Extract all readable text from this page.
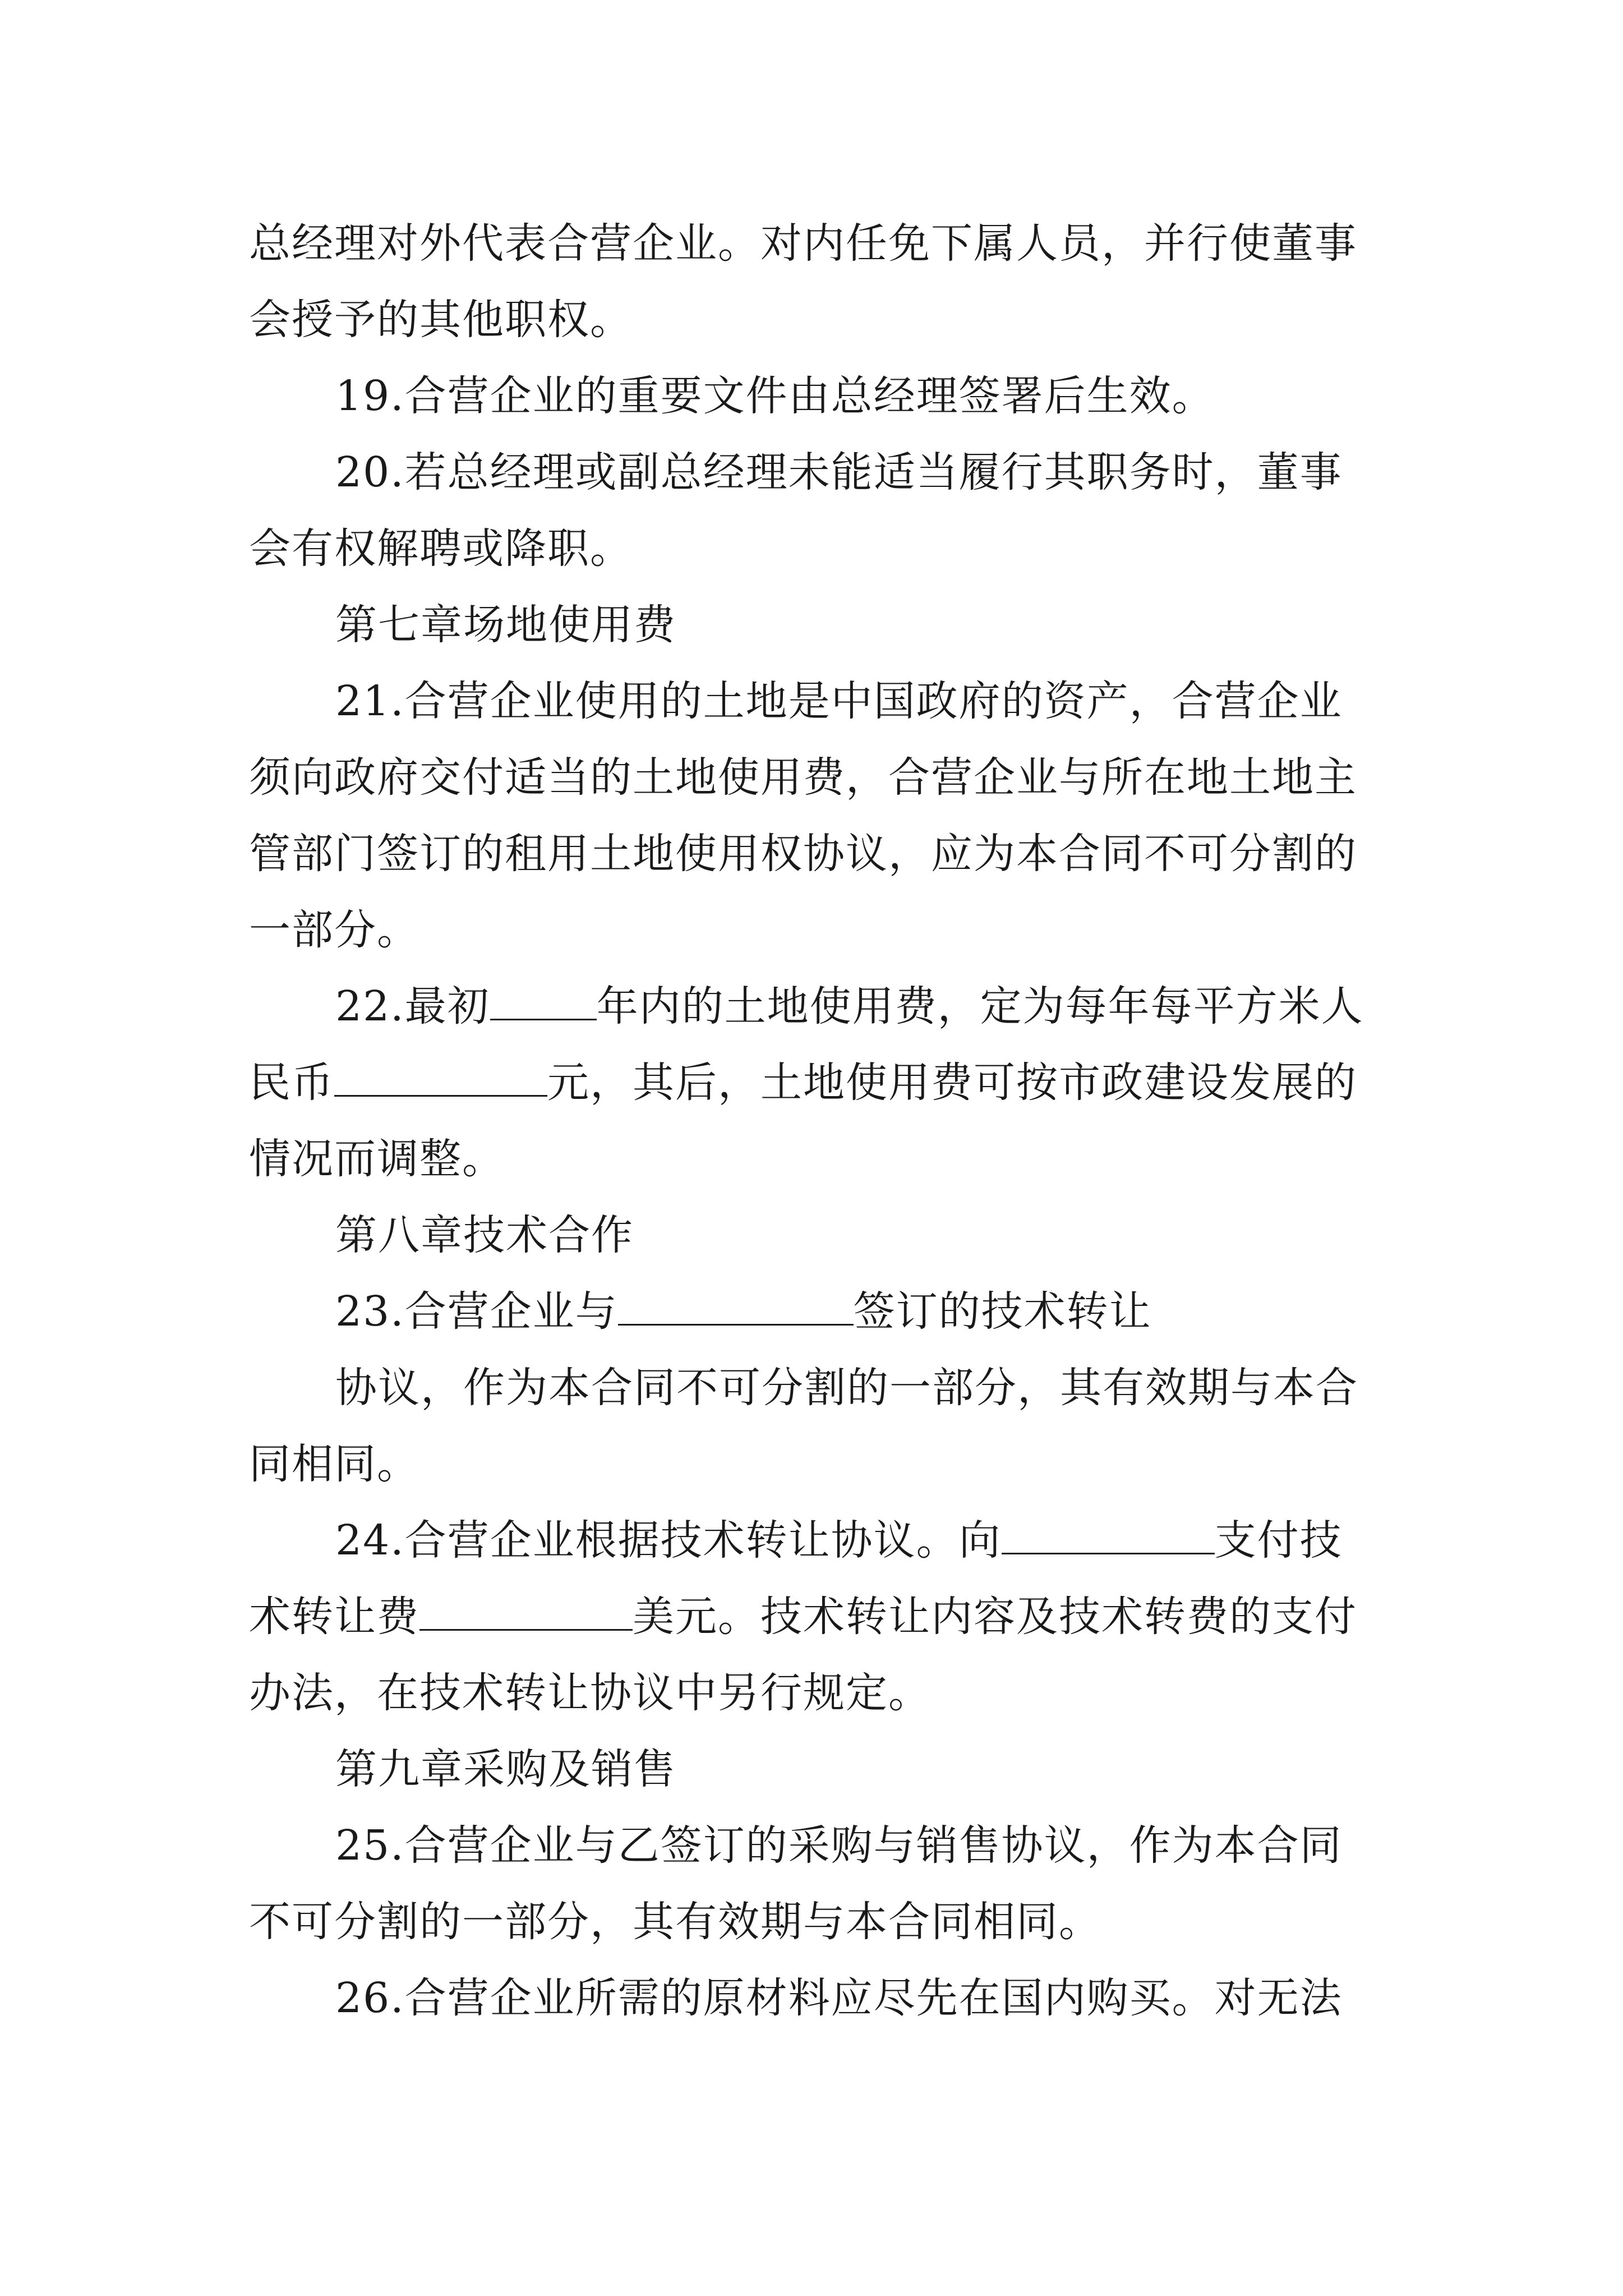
总经理对外代表合营企业。对内任免下属人员，并行使董事
会授予的其他职权。
19.合营企业的重要文件由总经理签署后生效。
20.若总经理或副总经理未能适当履行其职务时，董事
会有权解聘或降职。
第七章场地使用费
21.合营企业使用的土地是中国政府的资产，合营企业
须向政府交付适当的土地使用费，合营企业与所在地土地主
管部门签订的租用土地使用权协议，应为本合同不可分割的
一部分。
22.最初	年内的土地使用费，定为每年每平方米人
民币	元，其后，土地使用费可按市政建设发展的
情况而调整。
第八章技术合作
23.合营企业与	签订的技术转让
协议，作为本合同不可分割的一部分，其有效期与本合
同相同。
24.合营企业根据技术转让协议。向	支付技
术转让费	美元。技术转让内容及技术转费的支付
办法，在技术转让协议中另行规定。
第九章采购及销售
25.合营企业与乙签订的采购与销售协议，作为本合同
不可分割的一部分，其有效期与本合同相同。
26.合营企业所需的原材料应尽先在国内购买。对无法
